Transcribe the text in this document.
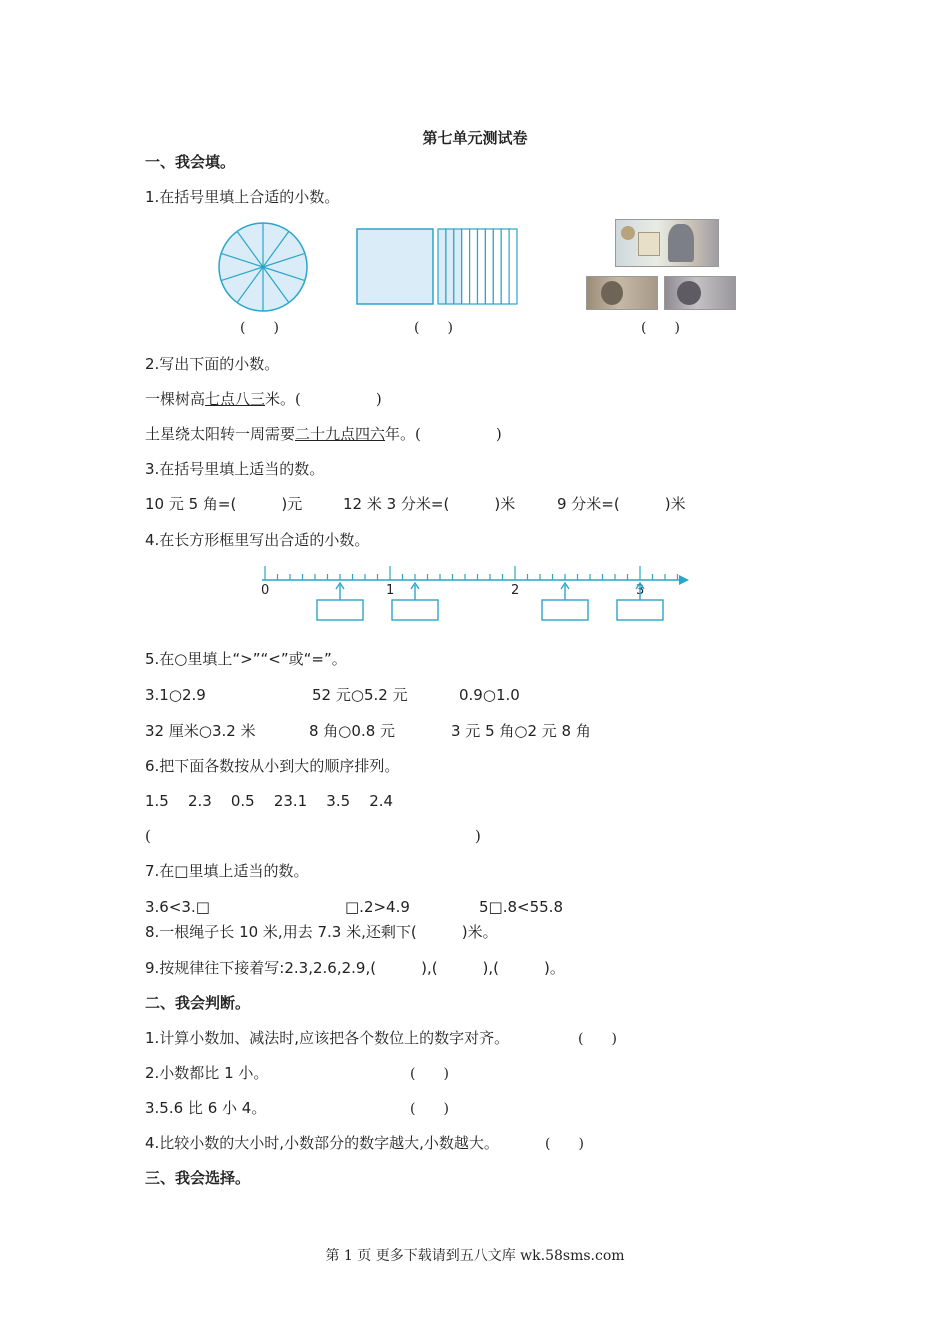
第七单元测试卷
一、我会填。
1.在括号里填上合适的小数。
(　　)	(　　)	(　　)
2.写出下面的小数。
一棵树高七点八三米。(　　　　　)
土星绕太阳转一周需要二十九点四六年。(　　　　　)
3.在括号里填上适当的数。
10 元 5 角=(　　　)元	12 米 3 分米=(　　　)米	9 分米=(　　　)米
4.在长方形框里写出合适的小数。
0	1	2	3
5.在○里填上“>”“<”或“=”。
3.1○2.9	52 元○5.2 元	0.9○1.0
32 厘米○3.2 米	8 角○0.8 元	3 元 5 角○2 元 8 角
6.把下面各数按从小到大的顺序排列。
1.5 2.3 0.5 23.1 3.5 2.4
(	)
7.在□里填上适当的数。
3.6<3.□	□.2>4.9	5□.8<55.8
8.一根绳子长 10 米,用去 7.3 米,还剩下(　　　)米。
9.按规律往下接着写:2.3,2.6,2.9,(　　　),(　　　),(　　　)。
二、我会判断。
1.计算小数加、减法时,应该把各个数位上的数字对齐。	(　　)
2.小数都比 1 小。	(　　)
3.5.6 比 6 小 4。	(　　)
4.比较小数的大小时,小数部分的数字越大,小数越大。	(　　)
三、我会选择。
第 1 页 更多下载请到五八文库 wk.58sms.com
